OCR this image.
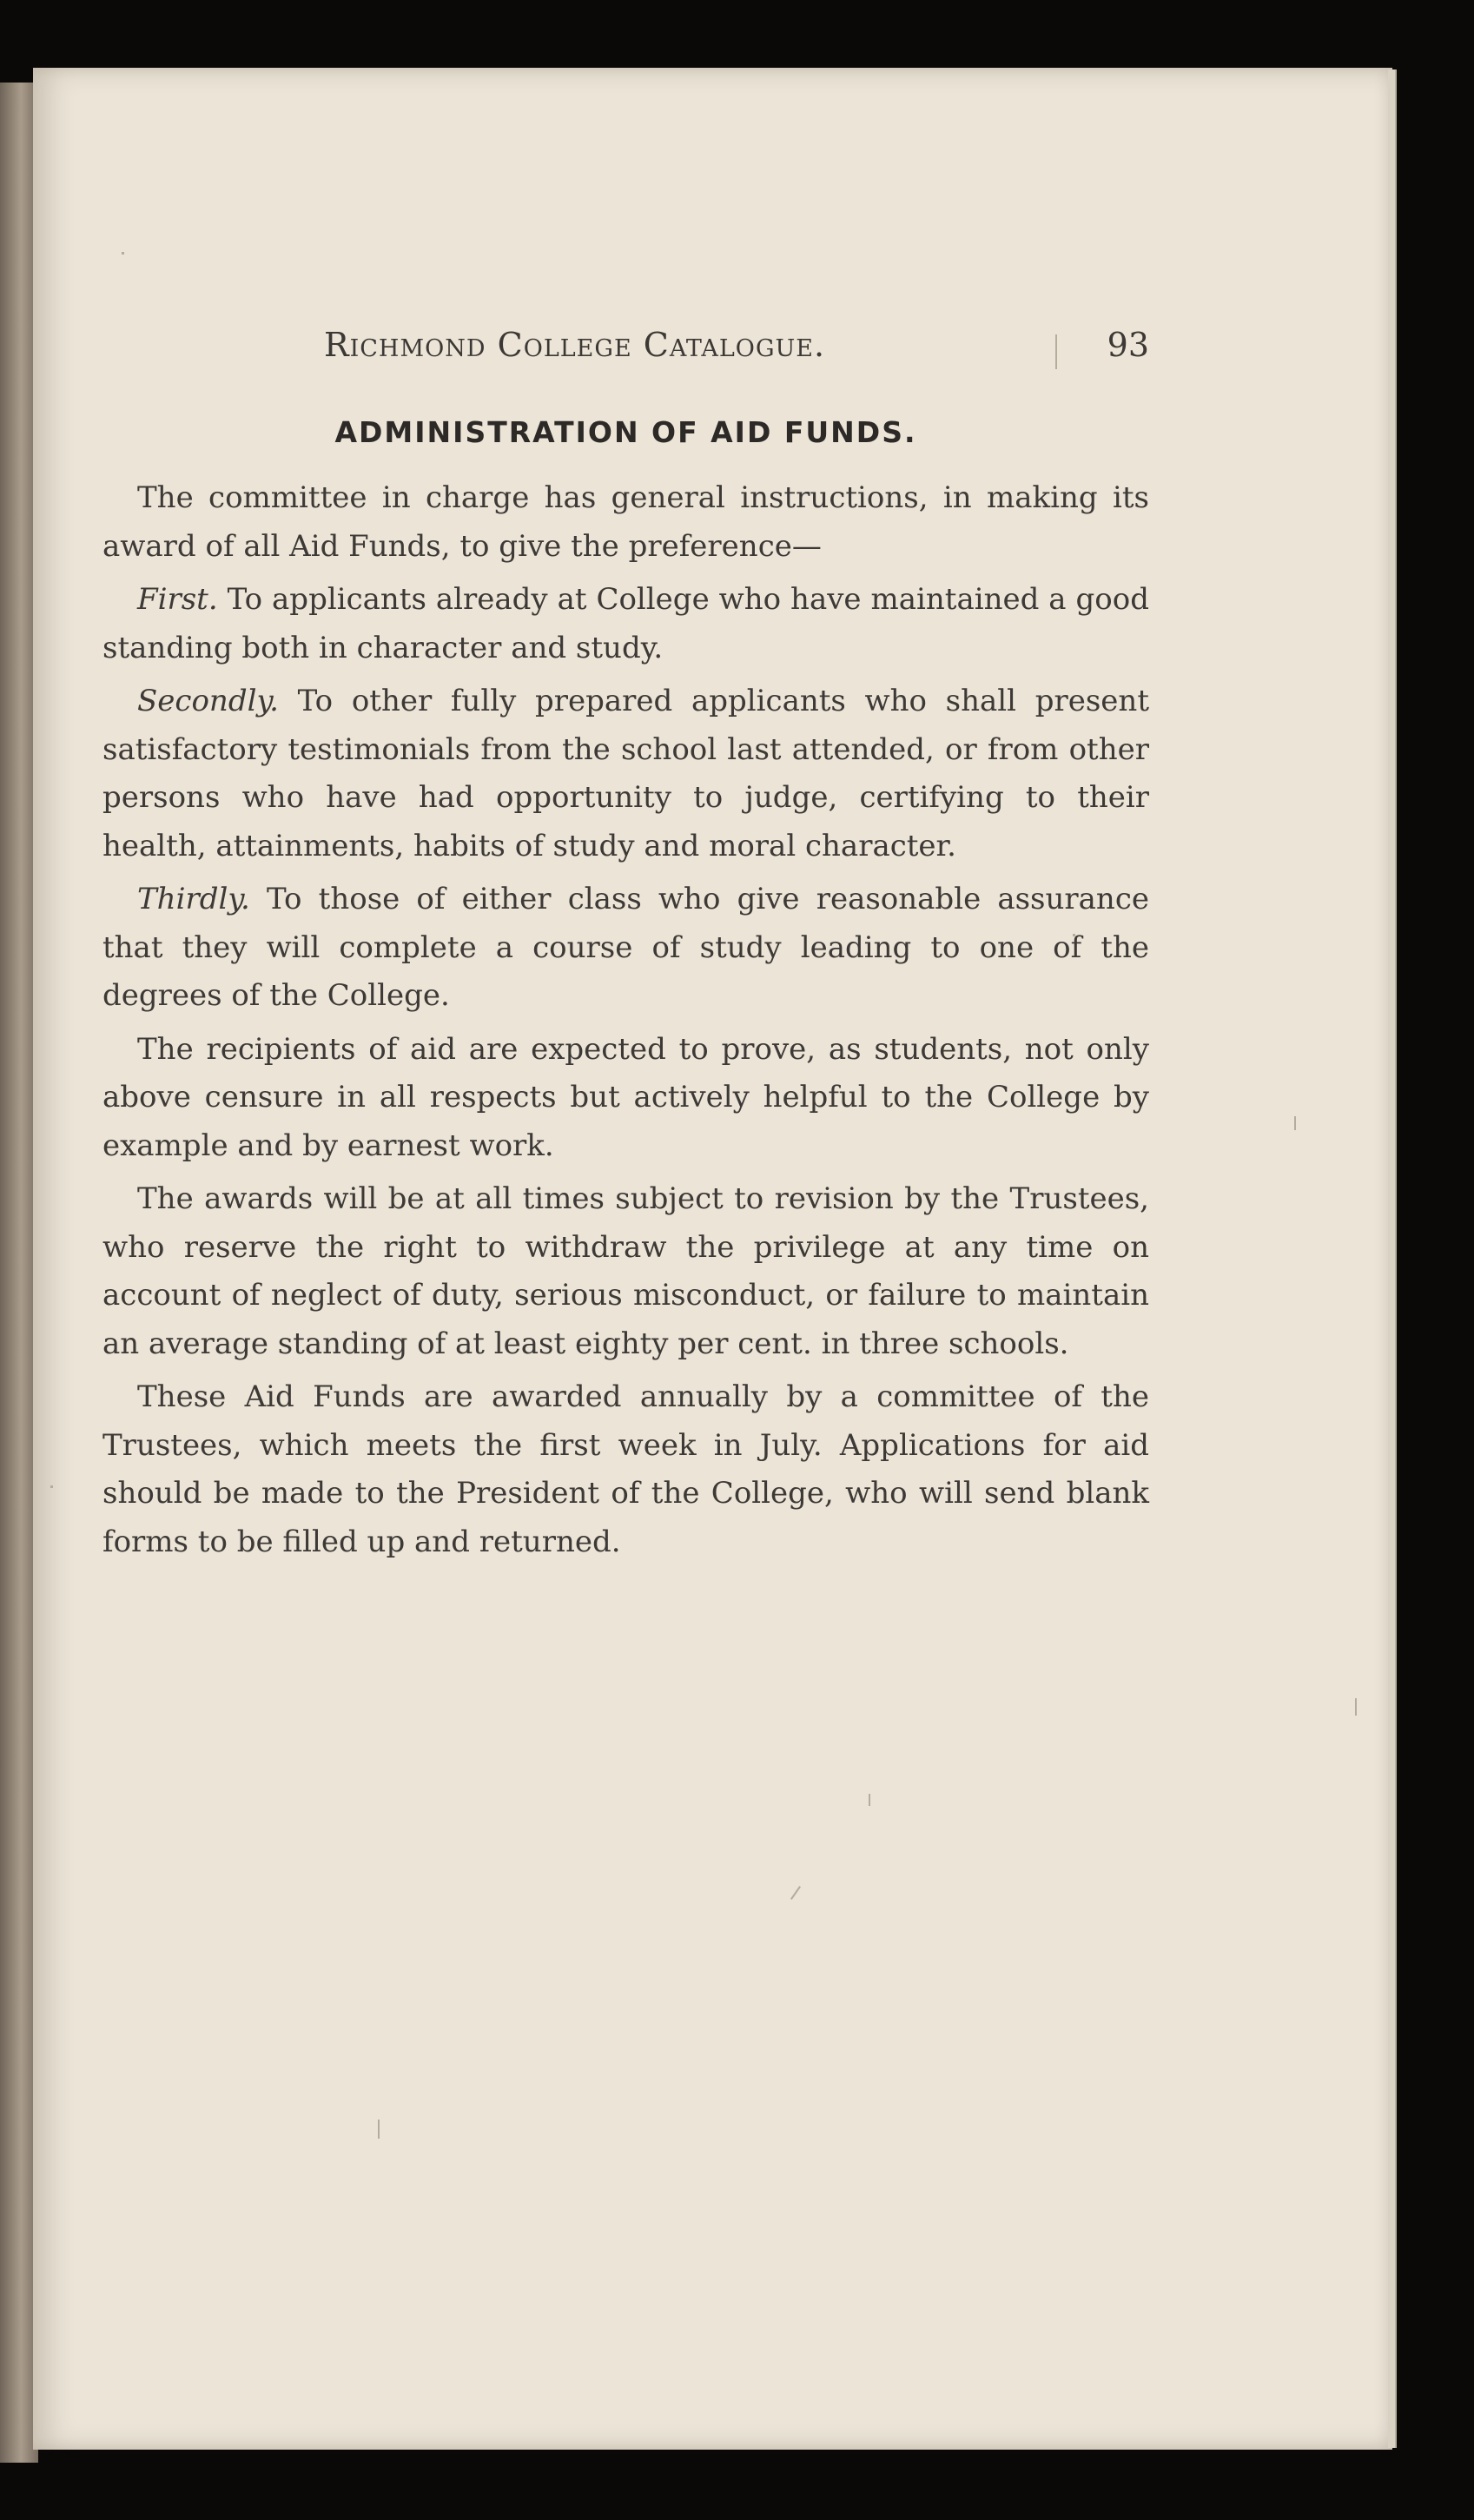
Richmond College Catalogue.	93
ADMINISTRATION OF AID FUNDS.

The committee in charge has general instructions, in making its award of all Aid Funds, to give the preference—

First. To applicants already at College who have maintained a good standing both in character and study.

Secondly. To other fully prepared applicants who shall present satisfactory testimonials from the school last attended, or from other persons who have had opportunity to judge, certifying to their health, attainments, habits of study and moral character.

Thirdly. To those of either class who give reasonable assurance that they will complete a course of study leading to one of the degrees of the College.

The recipients of aid are expected to prove, as students, not only above censure in all respects but actively helpful to the College by example and by earnest work.

The awards will be at all times subject to revision by the Trustees, who reserve the right to withdraw the privilege at any time on account of neglect of duty, serious misconduct, or failure to maintain an average standing of at least eighty per cent. in three schools.

These Aid Funds are awarded annually by a committee of the Trustees, which meets the first week in July. Applications for aid should be made to the President of the College, who will send blank forms to be filled up and returned.
